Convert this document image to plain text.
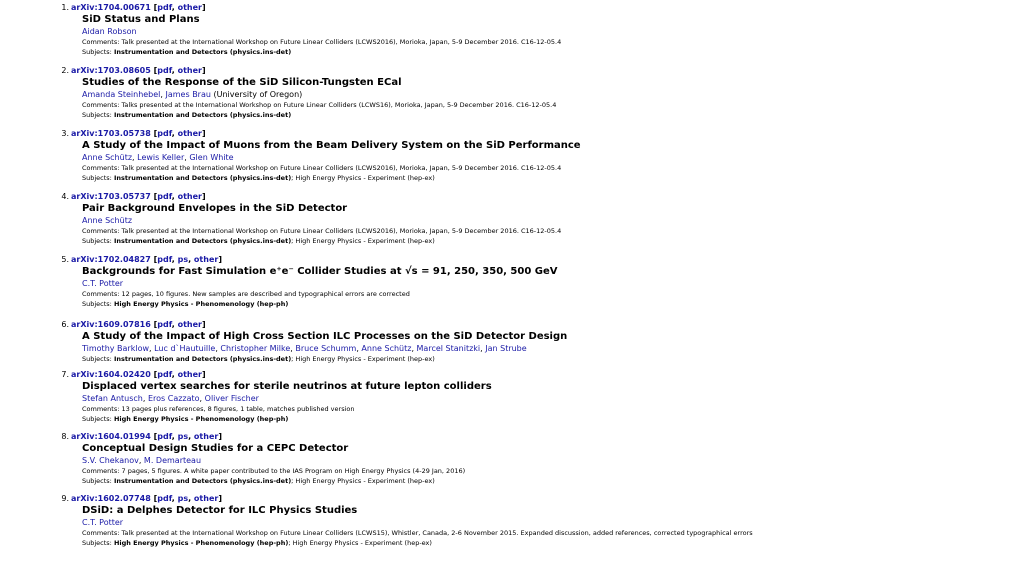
1. arXiv:1704.00671 [pdf, other]
SiD Status and Plans
Aidan Robson
Comments: Talk presented at the International Workshop on Future Linear Colliders (LCWS2016), Morioka, Japan, 5-9 December 2016. C16-12-05.4
Subjects: Instrumentation and Detectors (physics.ins-det)
2. arXiv:1703.08605 [pdf, other]
Studies of the Response of the SiD Silicon-Tungsten ECal
Amanda Steinhebel, James Brau (University of Oregon)
Comments: Talks presented at the International Workshop on Future Linear Colliders (LCWS16), Morioka, Japan, 5-9 December 2016. C16-12-05.4
Subjects: Instrumentation and Detectors (physics.ins-det)
3. arXiv:1703.05738 [pdf, other]
A Study of the Impact of Muons from the Beam Delivery System on the SiD Performance
Anne Schütz, Lewis Keller, Glen White
Comments: Talk presented at the International Workshop on Future Linear Colliders (LCWS2016), Morioka, Japan, 5-9 December 2016. C16-12-05.4
Subjects: Instrumentation and Detectors (physics.ins-det); High Energy Physics - Experiment (hep-ex)
4. arXiv:1703.05737 [pdf, other]
Pair Background Envelopes in the SiD Detector
Anne Schütz
Comments: Talk presented at the International Workshop on Future Linear Colliders (LCWS2016), Morioka, Japan, 5-9 December 2016. C16-12-05.4
Subjects: Instrumentation and Detectors (physics.ins-det); High Energy Physics - Experiment (hep-ex)
5. arXiv:1702.04827 [pdf, ps, other]
Backgrounds for Fast Simulation e⁺e⁻ Collider Studies at √s = 91, 250, 350, 500 GeV
C.T. Potter
Comments: 12 pages, 10 figures. New samples are described and typographical errors are corrected
Subjects: High Energy Physics - Phenomenology (hep-ph)
6. arXiv:1609.07816 [pdf, other]
A Study of the Impact of High Cross Section ILC Processes on the SiD Detector Design
Timothy Barklow, Luc d`Hautuille, Christopher Milke, Bruce Schumm, Anne Schütz, Marcel Stanitzki, Jan Strube
Subjects: Instrumentation and Detectors (physics.ins-det); High Energy Physics - Experiment (hep-ex)
7. arXiv:1604.02420 [pdf, other]
Displaced vertex searches for sterile neutrinos at future lepton colliders
Stefan Antusch, Eros Cazzato, Oliver Fischer
Comments: 13 pages plus references, 8 figures, 1 table, matches published version
Subjects: High Energy Physics - Phenomenology (hep-ph)
8. arXiv:1604.01994 [pdf, ps, other]
Conceptual Design Studies for a CEPC Detector
S.V. Chekanov, M. Demarteau
Comments: 7 pages, 5 figures. A white paper contributed to the IAS Program on High Energy Physics (4-29 Jan, 2016)
Subjects: Instrumentation and Detectors (physics.ins-det); High Energy Physics - Experiment (hep-ex)
9. arXiv:1602.07748 [pdf, ps, other]
DSiD: a Delphes Detector for ILC Physics Studies
C.T. Potter
Comments: Talk presented at the International Workshop on Future Linear Colliders (LCWS15), Whistler, Canada, 2-6 November 2015. Expanded discussion, added references, corrected typographical errors
Subjects: High Energy Physics - Phenomenology (hep-ph); High Energy Physics - Experiment (hep-ex)
